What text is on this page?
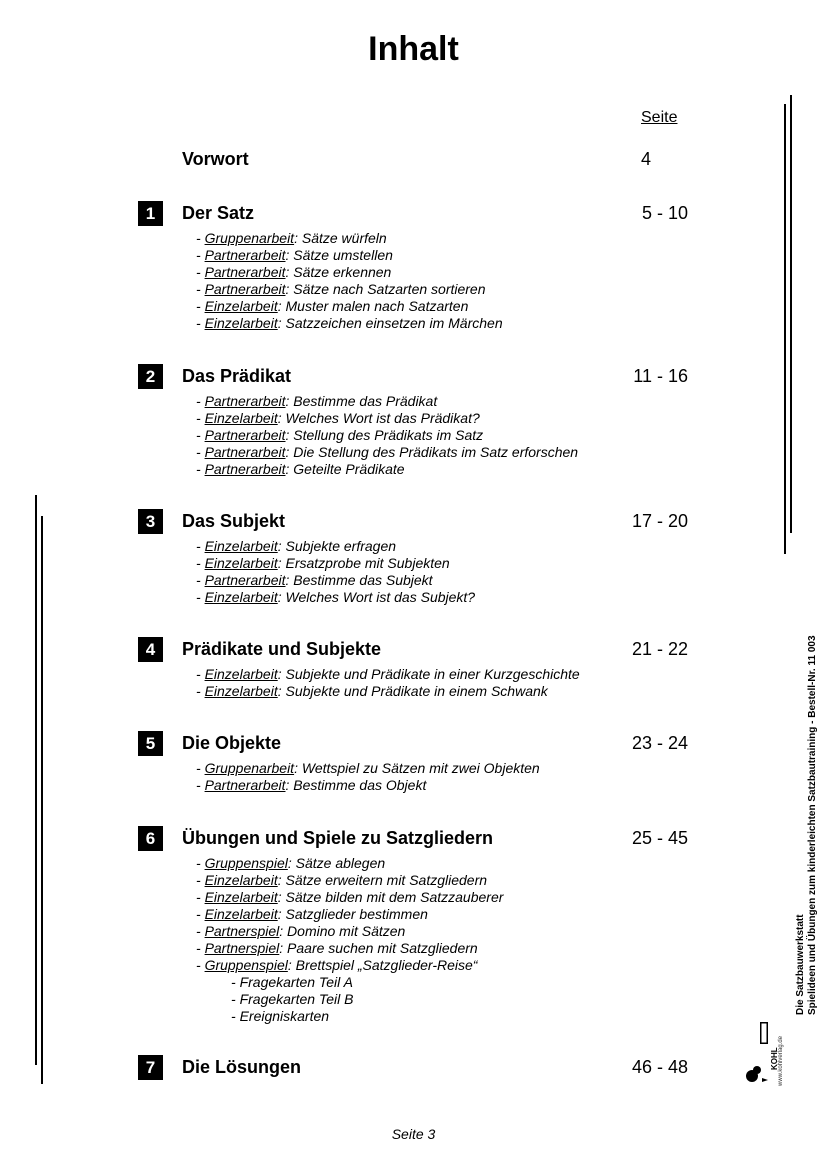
Inhalt
Seite
Vorwort	4
1	Der Satz	5 - 10
- Gruppenarbeit: Sätze würfeln
- Partnerarbeit: Sätze umstellen
- Partnerarbeit: Sätze erkennen
- Partnerarbeit: Sätze nach Satzarten sortieren
- Einzelarbeit: Muster malen nach Satzarten
- Einzelarbeit: Satzzeichen einsetzen im Märchen
2	Das Prädikat	11 - 16
- Partnerarbeit: Bestimme das Prädikat
- Einzelarbeit: Welches Wort ist das Prädikat?
- Partnerarbeit: Stellung des Prädikats im Satz
- Partnerarbeit: Die Stellung des Prädikats im Satz erforschen
- Partnerarbeit: Geteilte Prädikate
3	Das Subjekt	17 - 20
- Einzelarbeit: Subjekte erfragen
- Einzelarbeit: Ersatzprobe mit Subjekten
- Partnerarbeit: Bestimme das Subjekt
- Einzelarbeit: Welches Wort ist das Subjekt?
4	Prädikate und Subjekte	21 - 22
- Einzelarbeit: Subjekte und Prädikate in einer Kurzgeschichte
- Einzelarbeit: Subjekte und Prädikate in einem Schwank
5	Die Objekte	23 - 24
- Gruppenarbeit: Wettspiel zu Sätzen mit zwei Objekten
- Partnerarbeit: Bestimme das Objekt
6	Übungen und Spiele zu Satzgliedern	25 - 45
- Gruppenspiel: Sätze ablegen
- Einzelarbeit: Sätze erweitern mit Satzgliedern
- Einzelarbeit: Sätze bilden mit dem Satzzauberer
- Einzelarbeit: Satzglieder bestimmen
- Partnerspiel: Domino mit Sätzen
- Partnerspiel: Paare suchen mit Satzgliedern
- Gruppenspiel: Brettspiel „Satzglieder-Reise“
- Fragekarten Teil A
- Fragekarten Teil B
- Ereigniskarten
7	Die Lösungen	46 - 48	www.kohlverlag.de
KOHL
Die Satzbauwerkstatt Spielideen und Übungen zum kinderleichten Satzbautraining - Bestell-Nr. 11 003
Seite 3
